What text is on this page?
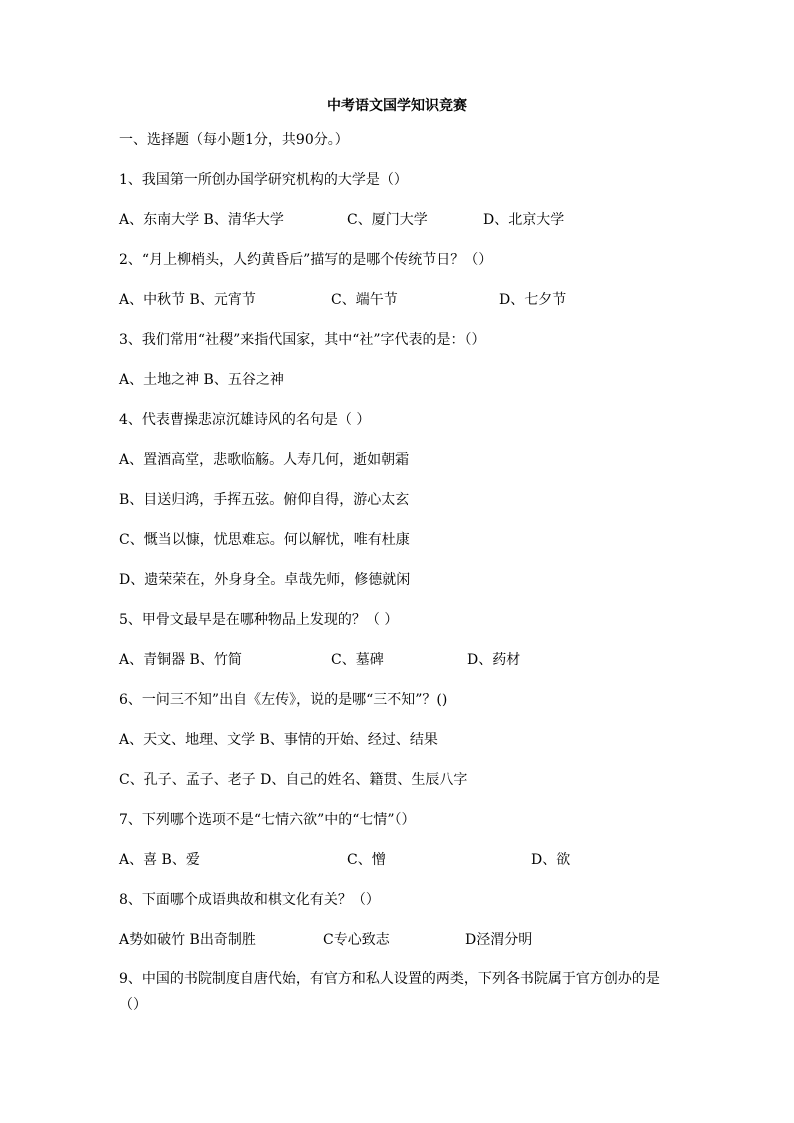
中考语文国学知识竞赛
一、选择题（每小题1分，共90分。）
1、我国第一所创办国学研究机构的大学是（）
A、东南大学 B、清华大学	C、厦门大学	D、北京大学
2、“月上柳梢头，人约黄昏后”描写的是哪个传统节日？（）
A、中秋节 B、元宵节	C、端午节	D、七夕节
3、我们常用“社稷”来指代国家，其中“社”字代表的是：（）
A、土地之神 B、五谷之神
4、代表曹操悲凉沉雄诗风的名句是（ ）
A、置酒高堂，悲歌临觞。人寿几何，逝如朝霜
B、目送归鸿，手挥五弦。俯仰自得，游心太玄
C、慨当以慷，忧思难忘。何以解忧，唯有杜康
D、遗荣荣在，外身身全。卓哉先师，修德就闲
5、甲骨文最早是在哪种物品上发现的？（ ）
A、青铜器 B、竹简	C、墓碑	D、药材
6、一问三不知”出自《左传》，说的是哪“三不知”？()
A、天文、地理、文学 B、事情的开始、经过、结果
C、孔子、孟子、老子 D、自己的姓名、籍贯、生辰八字
7、下列哪个选项不是“七情六欲”中的“七情”（）
A、喜 B、爱	C、憎	D、欲
8、下面哪个成语典故和棋文化有关？（）
A势如破竹 B出奇制胜	C专心致志	D泾渭分明
9、中国的书院制度自唐代始，有官方和私人设置的两类，下列各书院属于官方创办的是（）
